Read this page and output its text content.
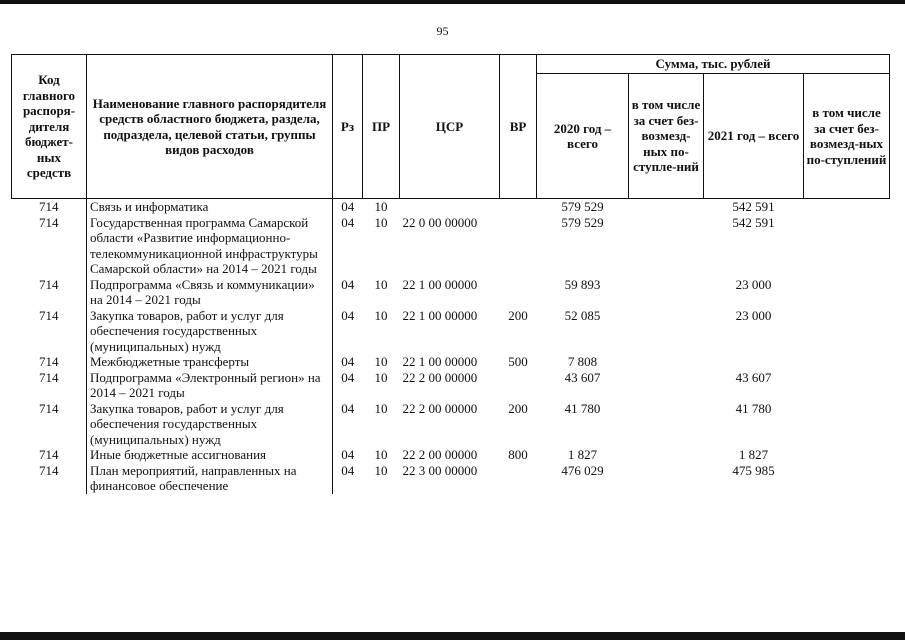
95
Код главного распоря-дителя бюджет-ных средств	Наименование главного распорядителя средств областного бюджета, раздела, подраздела, целевой статьи, группы видов расходов	Рз	ПР	ЦСР	ВР	Сумма, тыс. рублей			
						2020 год – всего	в том числе за счет без-возмезд-ных по-ступле-ний	2021 год – всего	в том числе за счет без-возмезд-ных по-ступлений
714	Связь и информатика	04	10			579 529		542 591	
714	Государственная программа Самарской области «Развитие информационно-телекоммуникационной инфраструктуры Самарской области» на 2014 – 2021 годы	04	10	22 0 00 00000		579 529		542 591	
714	Подпрограмма «Связь и коммуникации» на 2014 – 2021 годы	04	10	22 1 00 00000		59 893		23 000	
714	Закупка товаров, работ и услуг для обеспечения государственных (муниципальных) нужд	04	10	22 1 00 00000	200	52 085		23 000	
714	Межбюджетные трансферты	04	10	22 1 00 00000	500	7 808			
714	Подпрограмма «Электронный регион» на 2014 – 2021 годы	04	10	22 2 00 00000		43 607		43 607	
714	Закупка товаров, работ и услуг для обеспечения государственных (муниципальных) нужд	04	10	22 2 00 00000	200	41 780		41 780	
714	Иные бюджетные ассигнования	04	10	22 2 00 00000	800	1 827		1 827	
714	План мероприятий, направленных на финансовое обеспечение	04	10	22 3 00 00000		476 029		475 985	
